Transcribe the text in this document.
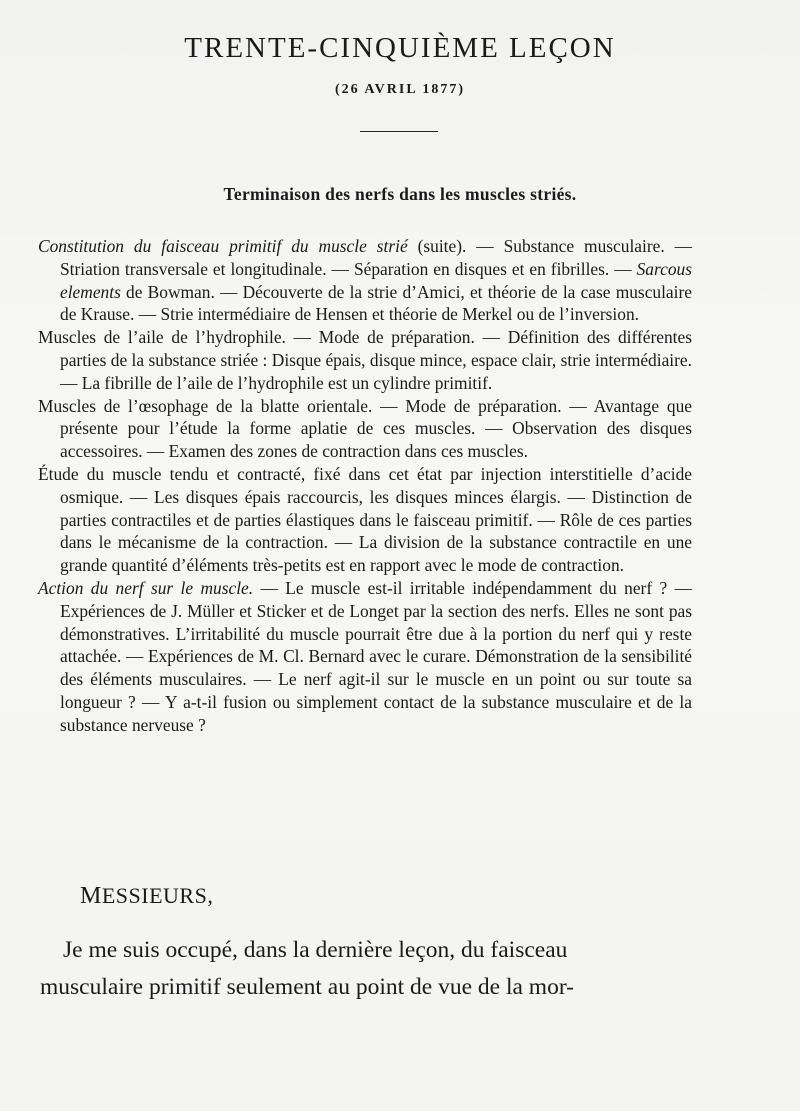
TRENTE-CINQUIÈME LEÇON
(26 AVRIL 1877)
Terminaison des nerfs dans les muscles striés.

Constitution du faisceau primitif du muscle strié (suite). — Substance musculaire. — Striation transversale et longitudinale. — Séparation en disques et en fibrilles. — Sarcous elements de Bowman. — Découverte de la strie d’Amici, et théorie de la case musculaire de Krause. — Strie intermédiaire de Hensen et théorie de Merkel ou de l’inversion.

Muscles de l’aile de l’hydrophile. — Mode de préparation. — Définition des différentes parties de la substance striée : Disque épais, disque mince, espace clair, strie intermédiaire. — La fibrille de l’aile de l’hydrophile est un cylindre primitif.

Muscles de l’œsophage de la blatte orientale. — Mode de préparation. — Avantage que présente pour l’étude la forme aplatie de ces muscles. — Observation des disques accessoires. — Examen des zones de contraction dans ces muscles.

Étude du muscle tendu et contracté, fixé dans cet état par injection interstitielle d’acide osmique. — Les disques épais raccourcis, les disques minces élargis. — Distinction de parties contractiles et de parties élastiques dans le faisceau primitif. — Rôle de ces parties dans le mécanisme de la contraction. — La division de la substance contractile en une grande quantité d’éléments très-petits est en rapport avec le mode de contraction.

Action du nerf sur le muscle. — Le muscle est-il irritable indépendamment du nerf ? — Expériences de J. Müller et Sticker et de Longet par la section des nerfs. Elles ne sont pas démonstratives. L’irritabilité du muscle pourrait être due à la portion du nerf qui y reste attachée. — Expériences de M. Cl. Bernard avec le curare. Démonstration de la sensibilité des éléments musculaires. — Le nerf agit-il sur le muscle en un point ou sur toute sa longueur ? — Y a-t-il fusion ou simplement contact de la substance musculaire et de la substance nerveuse ?

MESSIEURS,
Je me suis occupé, dans la dernière leçon, du faisceau
musculaire primitif seulement au point de vue de la mor-
